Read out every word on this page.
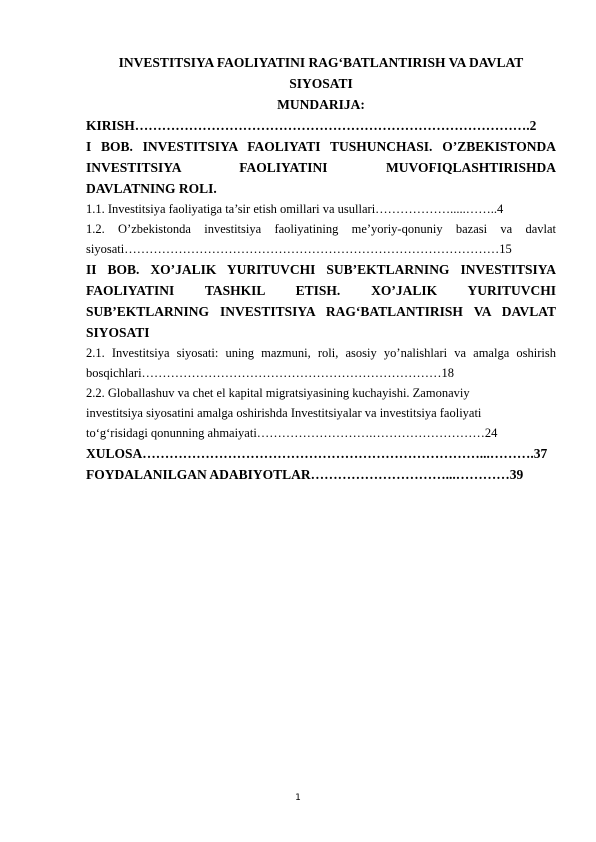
INVESTITSIYA FAOLIYATINI RAG‘BATLANTIRISH VA DAVLAT SIYOSATI

MUNDARIJA:

KIRISH…………………………………………………………………………….2

I BOB. INVESTITSIYA FAOLIYATI TUSHUNCHASI. O’ZBEKISTONDA INVESTITSIYA FAOLIYATINI MUVOFIQLASHTIRISHDA

DAVLATNING ROLI.

1.1. Investitsiya faoliyatiga ta’sir etish omillari va usullari……………….....……..4

1.2. O’zbekistonda investitsiya faoliyatining me’yoriy-qonuniy bazasi va davlat siyosati………………………………………………………………………………15

II BOB. XO’JALIK YURITUVCHI SUB’EKTLARNING INVESTITSIYA FAOLIYATINI TASHKIL ETISH. XO’JALIK YURITUVCHI SUB’EKTLARNING INVESTITSIYA RAG‘BATLANTIRISH VA DAVLAT

SIYOSATI

2.1. Investitsiya siyosati: uning mazmuni, roli, asosiy yo’nalishlari va amalga oshirish bosqichlari………………………………………………………………18

2.2. Globallashuv va chet el kapital migratsiyasining kuchayishi. Zamonaviy

investitsiya siyosatini amalga oshirishda Investitsiyalar va investitsiya faoliyati

to‘g‘risidagi qonunning ahmaiyati……………………….………………………24

XULOSA…………………………………………………………………...……….37

FOYDALANILGAN ADABIYOTLAR…………………………...…………39

1
